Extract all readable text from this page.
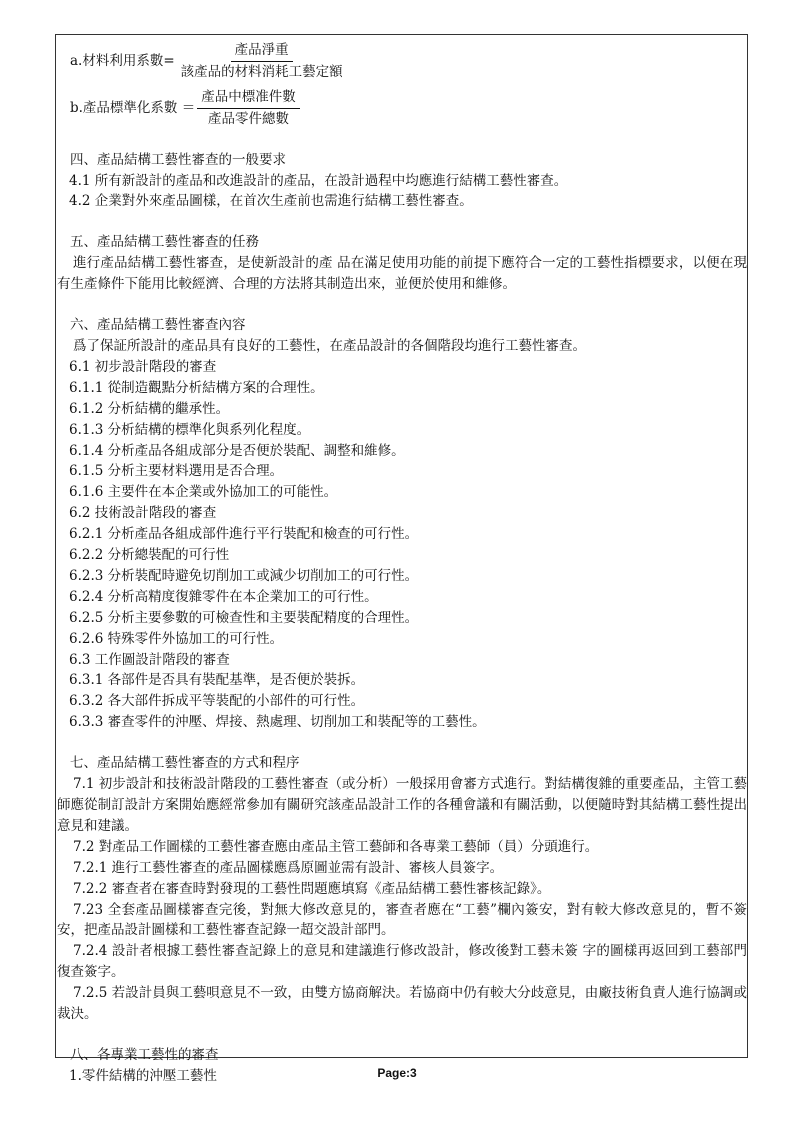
a.材料利用系數= $\frac{\text{產品淨重}}{\text{該產品的材料消耗工藝定額}}$
b.產品標準化系數 ＝ $\frac{\text{產品中標准件數}}{\text{產品零件總數}}$
四、產品結構工藝性審查的一般要求
4.1 所有新設計的產品和改進設計的產品，在設計過程中均應進行結構工藝性審查。
4.2 企業對外來產品圖樣，在首次生產前也需進行結構工藝性審查。
五、產品結構工藝性審查的任務
進行產品結構工藝性審查，是使新設計的產 品在滿足使用功能的前提下應符合一定的工藝性指標要求，以便在現有生產條件下能用比較經濟、合理的方法將其制造出來，並便於使用和維修。
六、產品結構工藝性審查內容
爲了保証所設計的產品具有良好的工藝性，在產品設計的各個階段均進行工藝性審查。
6.1 初步設計階段的審查
6.1.1 從制造觀點分析結構方案的合理性。
6.1.2 分析結構的繼承性。
6.1.3 分析結構的標準化與系列化程度。
6.1.4 分析產品各組成部分是否便於裝配、調整和維修。
6.1.5 分析主要材料選用是否合理。
6.1.6 主要件在本企業或外協加工的可能性。
6.2 技術設計階段的審查
6.2.1 分析產品各組成部件進行平行裝配和檢查的可行性。
6.2.2 分析總裝配的可行性
6.2.3 分析裝配時避免切削加工或減少切削加工的可行性。
6.2.4 分析高精度復雜零件在本企業加工的可行性。
6.2.5 分析主要參數的可檢查性和主要裝配精度的合理性。
6.2.6 特殊零件外協加工的可行性。
6.3 工作圖設計階段的審查
6.3.1 各部件是否具有裝配基準，是否便於裝拆。
6.3.2 各大部件拆成平等裝配的小部件的可行性。
6.3.3 審查零件的沖壓、焊接、熱處理、切削加工和裝配等的工藝性。
七、產品結構工藝性審查的方式和程序
7.1 初步設計和技術設計階段的工藝性審查（或分析）一般採用會審方式進行。對結構復雜的重要產品，主管工藝師應從制訂設計方案開始應經常參加有關研究該產品設計工作的各種會議和有關活動，以便隨時對其結構工藝性提出意見和建議。
7.2 對產品工作圖樣的工藝性審查應由產品主管工藝師和各專業工藝師（員）分頭進行。
7.2.1 進行工藝性審查的產品圖樣應爲原圖並需有設計、審核人員簽字。
7.2.2 審查者在審查時對發現的工藝性問題應填寫《產品結構工藝性審核記錄》。
7.23 全套產品圖樣審查完後，對無大修改意見的，審查者應在“工藝”欄內簽安，對有較大修改意見的，暫不簽安，把產品設計圖樣和工藝性審查記錄一超交設計部門。
7.2.4 設計者根據工藝性審查記錄上的意見和建議進行修改設計，修改後對工藝未簽 字的圖樣再返回到工藝部門復查簽字。
7.2.5 若設計員與工藝唄意見不一致，由雙方協商解決。若協商中仍有較大分歧意見，由廠技術負責人進行協調或裁決。
八、各專業工藝性的審查
1.零件結構的沖壓工藝性	Page:3
